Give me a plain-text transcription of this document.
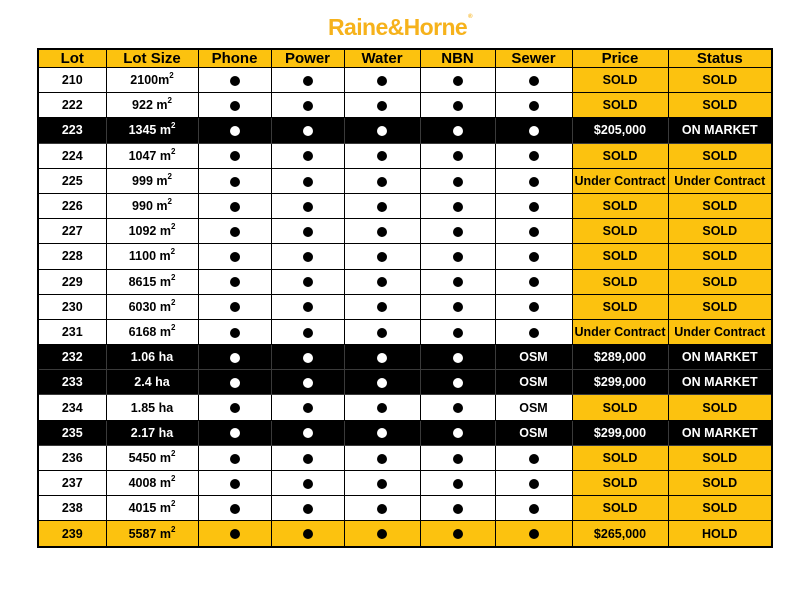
Raine&Horne®
Lot	Lot Size	Phone	Power	Water	NBN	Sewer	Price	Status
210	$2100m^2$						SOLD	SOLD
222	922 $m^2$						SOLD	SOLD
223	1345 $m^2$						$205,000	ON MARKET
224	1047 $m^2$						SOLD	SOLD
225	999 $m^2$						Under Contract	Under Contract
226	990 $m^2$						SOLD	SOLD
227	1092 $m^2$						SOLD	SOLD
228	1100 $m^2$						SOLD	SOLD
229	8615 $m^2$						SOLD	SOLD
230	6030 $m^2$						SOLD	SOLD
231	6168 $m^2$						Under Contract	Under Contract
232	1.06 ha					OSM	$289,000	ON MARKET
233	2.4 ha					OSM	$299,000	ON MARKET
234	1.85 ha					OSM	SOLD	SOLD
235	2.17 ha					OSM	$299,000	ON MARKET
236	5450 $m^2$						SOLD	SOLD
237	4008 $m^2$						SOLD	SOLD
238	4015 $m^2$						SOLD	SOLD
239	5587 $m^2$						$265,000	HOLD
